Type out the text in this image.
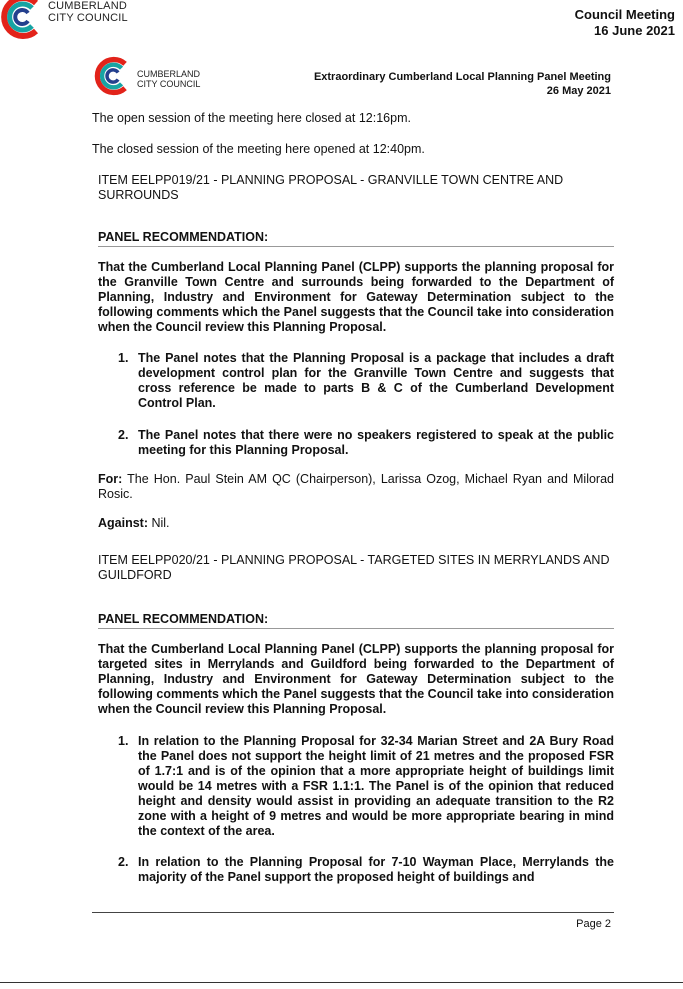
CUMBERLAND
CITY COUNCIL	Council Meeting
16 June 2021
CUMBERLAND
CITY COUNCIL
Extraordinary Cumberland Local Planning Panel Meeting
26 May 2021
The open session of the meeting here closed at 12:16pm.
The closed session of the meeting here opened at 12:40pm.
ITEM EELPP019/21 - PLANNING PROPOSAL - GRANVILLE TOWN CENTRE AND SURROUNDS
PANEL RECOMMENDATION:
That the Cumberland Local Planning Panel (CLPP) supports the planning proposal for the Granville Town Centre and surrounds being forwarded to the Department of Planning, Industry and Environment for Gateway Determination subject to the following comments which the Panel suggests that the Council take into consideration when the Council review this Planning Proposal.
1. The Panel notes that the Planning Proposal is a package that includes a draft development control plan for the Granville Town Centre and suggests that cross reference be made to parts B & C of the Cumberland Development Control Plan.
2. The Panel notes that there were no speakers registered to speak at the public meeting for this Planning Proposal.
For: The Hon. Paul Stein AM QC (Chairperson), Larissa Ozog, Michael Ryan and Milorad Rosic.
Against: Nil.
ITEM EELPP020/21 - PLANNING PROPOSAL - TARGETED SITES IN MERRYLANDS AND GUILDFORD
PANEL RECOMMENDATION:
That the Cumberland Local Planning Panel (CLPP) supports the planning proposal for targeted sites in Merrylands and Guildford being forwarded to the Department of Planning, Industry and Environment for Gateway Determination subject to the following comments which the Panel suggests that the Council take into consideration when the Council review this Planning Proposal.
1. In relation to the Planning Proposal for 32-34 Marian Street and 2A Bury Road the Panel does not support the height limit of 21 metres and the proposed FSR of 1.7:1 and is of the opinion that a more appropriate height of buildings limit would be 14 metres with a FSR 1.1:1. The Panel is of the opinion that reduced height and density would assist in providing an adequate transition to the R2 zone with a height of 9 metres and would be more appropriate bearing in mind the context of the area.
2. In relation to the Planning Proposal for 7-10 Wayman Place, Merrylands the majority of the Panel support the proposed height of buildings and
Page 2
